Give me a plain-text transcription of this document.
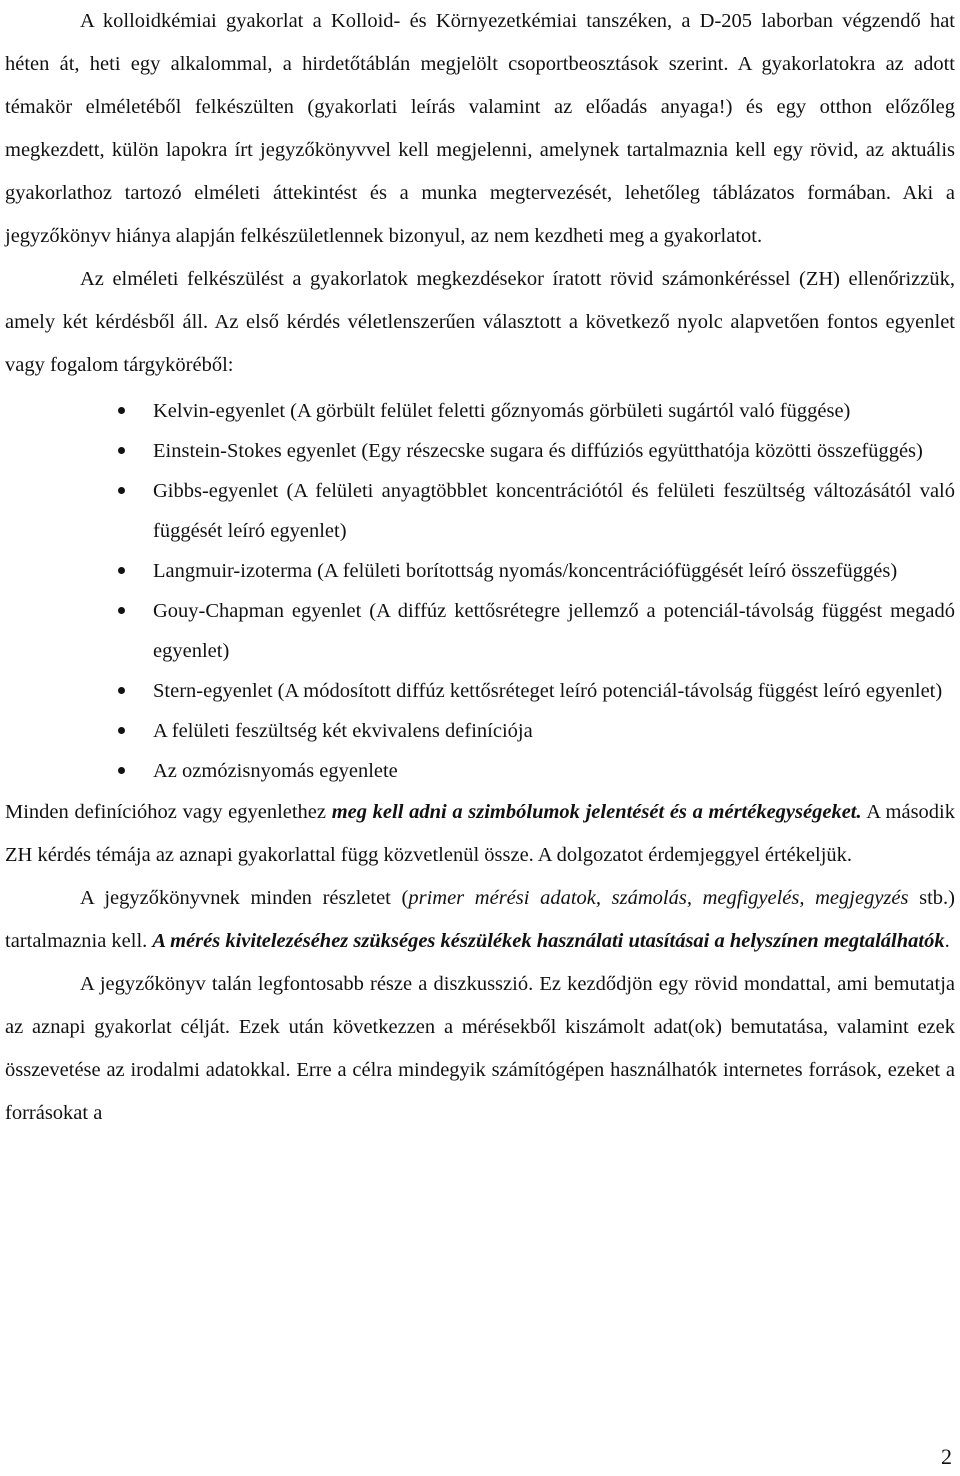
A kolloidkémiai gyakorlat a Kolloid- és Környezetkémiai tanszéken, a D-205 laborban végzendő hat héten át, heti egy alkalommal, a hirdetőtáblán megjelölt csoportbeosztások szerint. A gyakorlatokra az adott témakör elméletéből felkészülten (gyakorlati leírás valamint az előadás anyaga!) és egy otthon előzőleg megkezdett, külön lapokra írt jegyzőkönyvvel kell megjelenni, amelynek tartalmaznia kell egy rövid, az aktuális gyakorlathoz tartozó elméleti áttekintést és a munka megtervezését, lehetőleg táblázatos formában. Aki a jegyzőkönyv hiánya alapján felkészületlennek bizonyul, az nem kezdheti meg a gyakorlatot.

Az elméleti felkészülést a gyakorlatok megkezdésekor íratott rövid számonkéréssel (ZH) ellenőrizzük, amely két kérdésből áll. Az első kérdés véletlenszerűen választott a következő nyolc alapvetően fontos egyenlet vagy fogalom tárgyköréből:

Kelvin-egyenlet (A görbült felület feletti gőznyomás görbületi sugártól való függése)
Einstein-Stokes egyenlet (Egy részecske sugara és diffúziós együtthatója közötti összefüggés)
Gibbs-egyenlet (A felületi anyagtöbblet koncentrációtól és felületi feszültség változásától való függését leíró egyenlet)
Langmuir-izoterma (A felületi borítottság nyomás/koncentrációfüggését leíró összefüggés)
Gouy-Chapman egyenlet (A diffúz kettősrétegre jellemző a potenciál-távolság függést megadó egyenlet)
Stern-egyenlet (A módosított diffúz kettősréteget leíró potenciál-távolság függést leíró egyenlet)
A felületi feszültség két ekvivalens definíciója
Az ozmózisnyomás egyenlete

Minden definícióhoz vagy egyenlethez meg kell adni a szimbólumok jelentését és a mértékegységeket. A második ZH kérdés témája az aznapi gyakorlattal függ közvetlenül össze. A dolgozatot érdemjeggyel értékeljük.

A jegyzőkönyvnek minden részletet (primer mérési adatok, számolás, megfigyelés, megjegyzés stb.) tartalmaznia kell. A mérés kivitelezéséhez szükséges készülékek használati utasításai a helyszínen megtalálhatók.

A jegyzőkönyv talán legfontosabb része a diszkusszió. Ez kezdődjön egy rövid mondattal, ami bemutatja az aznapi gyakorlat célját. Ezek után következzen a mérésekből kiszámolt adat(ok) bemutatása, valamint ezek összevetése az irodalmi adatokkal. Erre a célra mindegyik számítógépen használhatók internetes források, ezeket a forrásokat a

2
